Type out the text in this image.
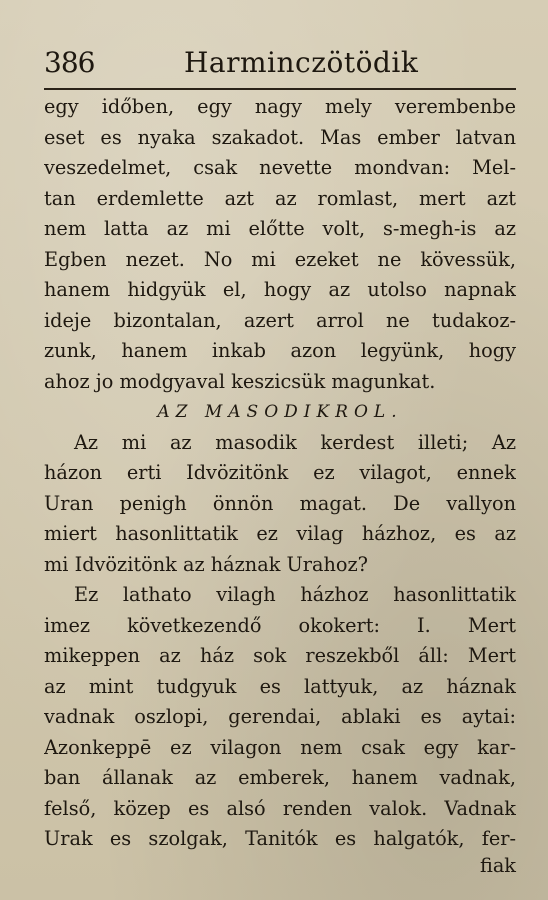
386	Harminczötödik
egy időben, egy nagy mely verembenbe
eset es nyaka szakadot. Mas ember latvan
veszedelmet, csak nevette mondvan: Mel-
tan erdemlette azt az romlast, mert azt
nem latta az mi előtte volt, s-megh-is az
Egben nezet. No mi ezeket ne kövessük,
hanem hidgyük el, hogy az utolso napnak
ideje bizontalan, azert arrol ne tudakoz-
zunk, hanem inkab azon legyünk, hogy
ahoz jo modgyaval keszicsük magunkat.
AZ MASODIKROL.
Az mi az masodik kerdest illeti; Az
házon erti Idvözitönk ez vilagot, ennek
Uran penigh önnön magat. De vallyon
miert hasonlittatik ez vilag házhoz, es az
mi Idvözitönk az háznak Urahoz?
Ez lathato vilagh házhoz hasonlittatik
imez következendő okokert: I. Mert
mikeppen az ház sok reszekből áll: Mert
az mint tudgyuk es lattyuk, az háznak
vadnak oszlopi, gerendai, ablaki es aytai:
Azonkeppē ez vilagon nem csak egy kar-
ban állanak az emberek, hanem vadnak,
felső, közep es alsó renden valok. Vadnak
Urak es szolgak, Tanitók es halgatók, fer-
fiak
